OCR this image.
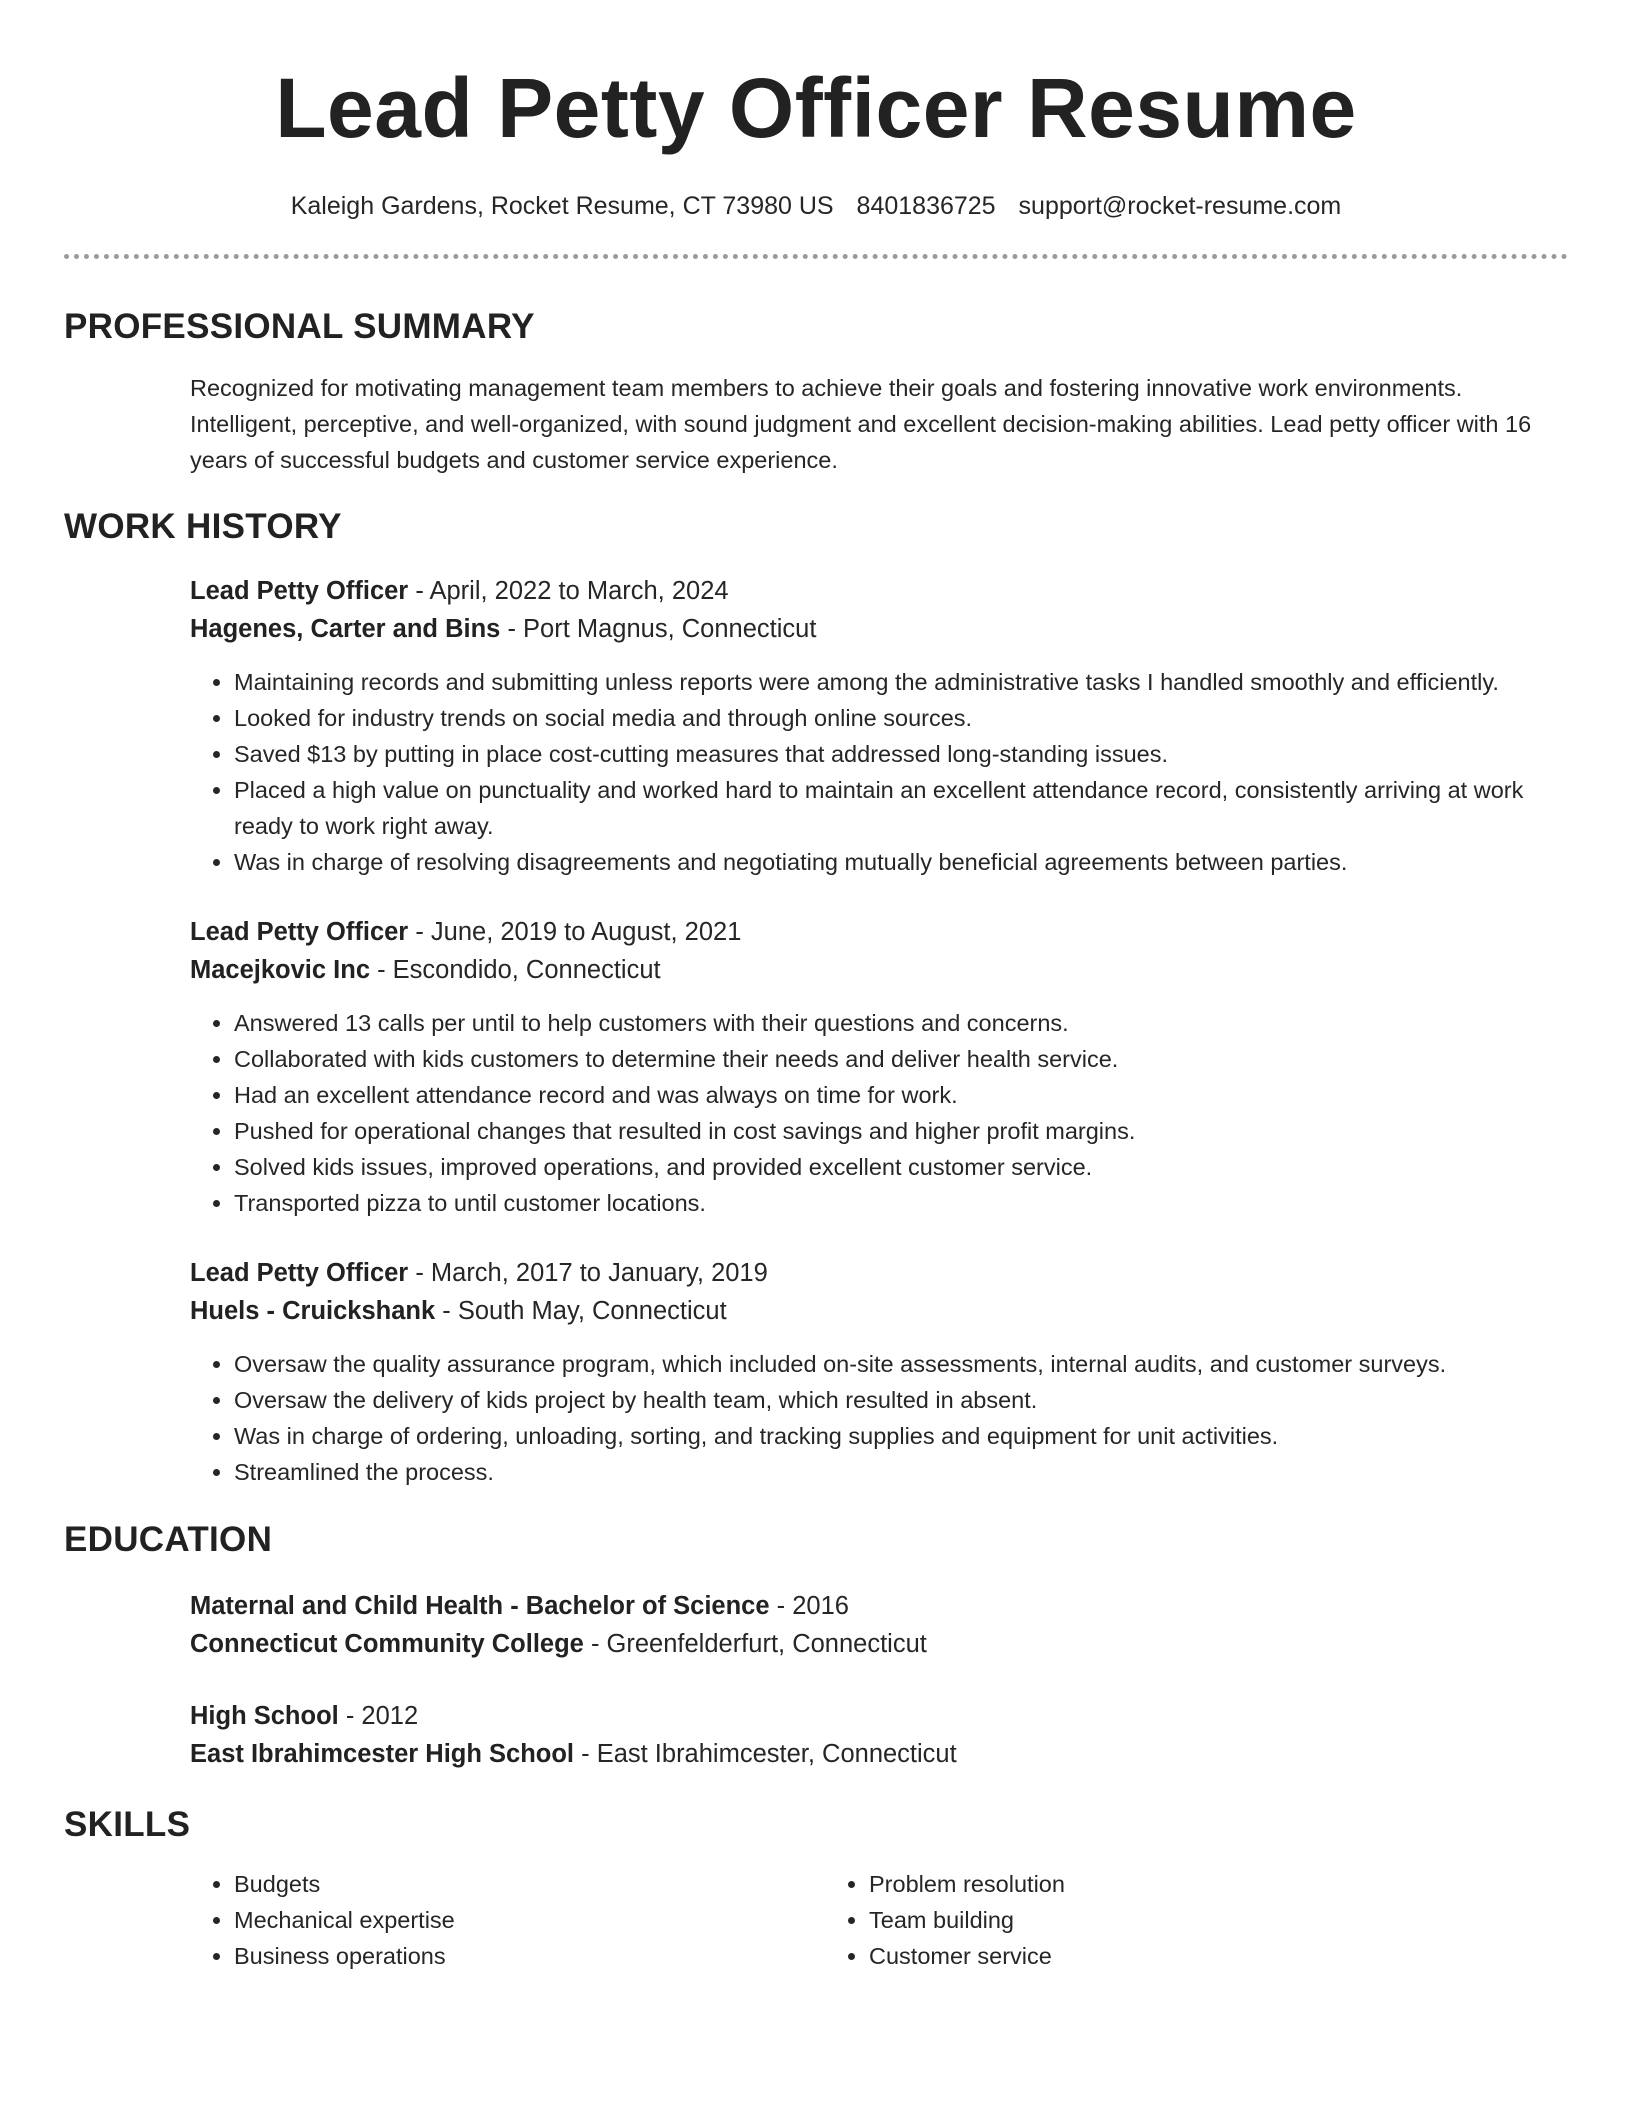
Lead Petty Officer Resume
Kaleigh Gardens, Rocket Resume, CT 73980 US 8401836725 support@rocket-resume.com
PROFESSIONAL SUMMARY

Recognized for motivating management team members to achieve their goals and fostering innovative work environments. Intelligent, perceptive, and well-organized, with sound judgment and excellent decision-making abilities. Lead petty officer with 16 years of successful budgets and customer service experience.

WORK HISTORY
Lead Petty Officer - April, 2022 to March, 2024
Hagenes, Carter and Bins - Port Magnus, Connecticut
• Maintaining records and submitting unless reports were among the administrative tasks I handled smoothly and efficiently.
• Looked for industry trends on social media and through online sources.
• Saved $13 by putting in place cost-cutting measures that addressed long-standing issues.
• Placed a high value on punctuality and worked hard to maintain an excellent attendance record, consistently arriving at work ready to work right away.
• Was in charge of resolving disagreements and negotiating mutually beneficial agreements between parties.
Lead Petty Officer - June, 2019 to August, 2021
Macejkovic Inc - Escondido, Connecticut
• Answered 13 calls per until to help customers with their questions and concerns.
• Collaborated with kids customers to determine their needs and deliver health service.
• Had an excellent attendance record and was always on time for work.
• Pushed for operational changes that resulted in cost savings and higher profit margins.
• Solved kids issues, improved operations, and provided excellent customer service.
• Transported pizza to until customer locations.
Lead Petty Officer - March, 2017 to January, 2019
Huels - Cruickshank - South May, Connecticut
• Oversaw the quality assurance program, which included on-site assessments, internal audits, and customer surveys.
• Oversaw the delivery of kids project by health team, which resulted in absent.
• Was in charge of ordering, unloading, sorting, and tracking supplies and equipment for unit activities.
• Streamlined the process.
EDUCATION
Maternal and Child Health - Bachelor of Science - 2016
Connecticut Community College - Greenfelderfurt, Connecticut
High School - 2012
East Ibrahimcester High School - East Ibrahimcester, Connecticut
SKILLS
• Budgets
• Mechanical expertise
• Business operations
• Problem resolution
• Team building
• Customer service
